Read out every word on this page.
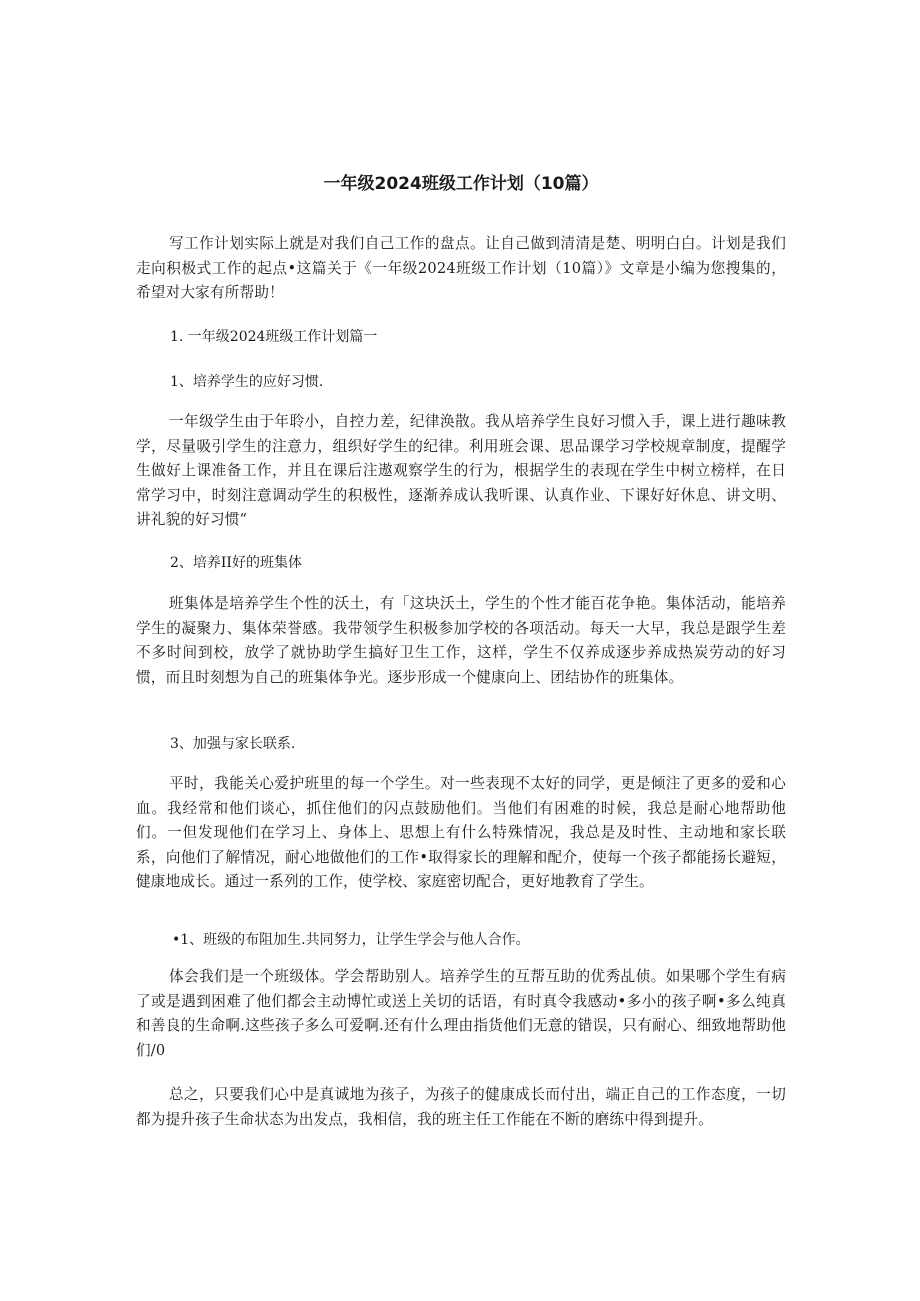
一年级2024班级工作计划（10篇）

写工作计划实际上就是对我们自己工作的盘点。让自己做到清清是楚、明明白白。计划是我们走向积极式工作的起点•这篇关于《一年级2024班级工作计划（10篇）》文章是小编为您搜集的，希望对大家有所帮助！

1. 一年级2024班级工作计划篇一

1、培养学生的应好习惯.

一年级学生由于年聆小，自控力差，纪律涣散。我从培养学生良好习惯入手，课上进行趣味教学，尽量吸引学生的注意力，组织好学生的纪律。利用班会课、思品课学习学校规章制度，提醒学生做好上课准备工作，并且在课后注遨观察学生的行为，根据学生的表现在学生中树立榜样，在日常学习中，时刻注意调动学生的积极性，逐渐养成认我听课、认真作业、下课好好休息、讲文明、讲礼貌的好习惯“

2、培养II好的班集体

班集体是培养学生个性的沃土，有「这块沃土，学生的个性才能百花争艳。集体活动，能培养学生的凝聚力、集体荣誉感。我带领学生积极参加学校的各项活动。每天一大早，我总是跟学生差不多时间到校，放学了就协助学生搞好卫生工作，这样，学生不仅养成逐步养成热炭劳动的好习惯，而且时刻想为自己的班集体争光。逐步形成一个健康向上、团结协作的班集体。

3、加强与家长联系.

平时，我能关心爱护班里的每一个学生。对一些表现不太好的同学，更是倾注了更多的爱和心血。我经常和他们谈心，抓住他们的闪点鼓励他们。当他们有困难的时候，我总是耐心地帮助他们。一但发现他们在学习上、身体上、思想上有什么特殊情况，我总是及时性、主动地和家长联系，向他们了解情况，耐心地做他们的工作•取得家长的理解和配介，使每一个孩子都能扬长避短，健康地成长。通过一系列的工作，使学校、家庭密切配合，更好地教育了学生。

•1、班级的布阻加生.共同努力，让学生学会与他人合作。

体会我们是一个班级体。学会帮助别人。培养学生的互帮互助的优秀乩侦。如果哪个学生有病了或是遇到困难了他们都会主动博忙或送上关切的话语，有时真令我感动•多小的孩子啊•多么纯真和善良的生命啊.这些孩子多么可爱啊.还有什么理由指货他们无意的错误，只有耐心、细致地帮助他们/0

总之，只要我们心中是真诚地为孩子，为孩子的健康成长而付出，端正自己的工作态度，一切都为提升孩子生命状态为出发点，我相信，我的班主任工作能在不断的磨练中得到提升。
